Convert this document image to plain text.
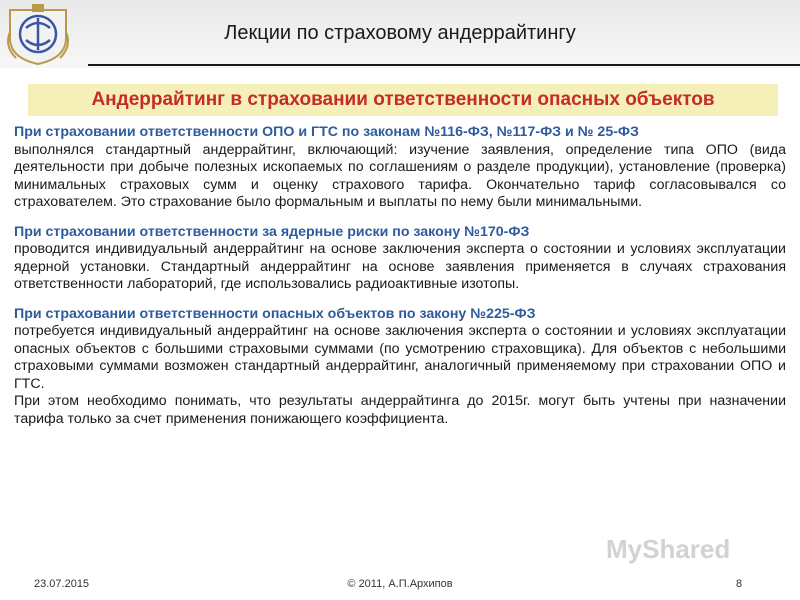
Лекции по страховому андеррайтингу
Андеррайтинг в страховании ответственности опасных объектов

При страховании ответственности ОПО и ГТС по законам №116-ФЗ, №117-ФЗ и № 25-ФЗ

выполнялся стандартный андеррайтинг, включающий: изучение заявления, определение типа ОПО (вида деятельности при добыче полезных ископаемых по соглашениям о разделе продукции), установление (проверка) минимальных страховых сумм и оценку страхового тарифа. Окончательно тариф согласовывался со страхователем. Это страхование было формальным и выплаты по нему были минимальными.

При страховании ответственности за ядерные риски по закону №170-ФЗ

проводится индивидуальный андеррайтинг на основе заключения эксперта о состоянии и условиях эксплуатации ядерной установки. Стандартный андеррайтинг на основе заявления применяется в случаях страхования ответственности лабораторий, где использовались радиоактивные изотопы.

При страховании ответственности опасных объектов по закону №225-ФЗ

потребуется индивидуальный андеррайтинг на основе заключения эксперта о состоянии и условиях эксплуатации опасных объектов с большими страховыми суммами (по усмотрению страховщика). Для объектов с небольшими страховыми суммами возможен стандартный андеррайтинг, аналогичный применяемому при страховании ОПО и ГТС.

При этом необходимо понимать, что результаты андеррайтинга до 2015г. могут быть учтены при назначении тарифа только за счет применения понижающего коэффициента.

MyShared
23.07.2015	© 2011, А.П.Архипов	8
